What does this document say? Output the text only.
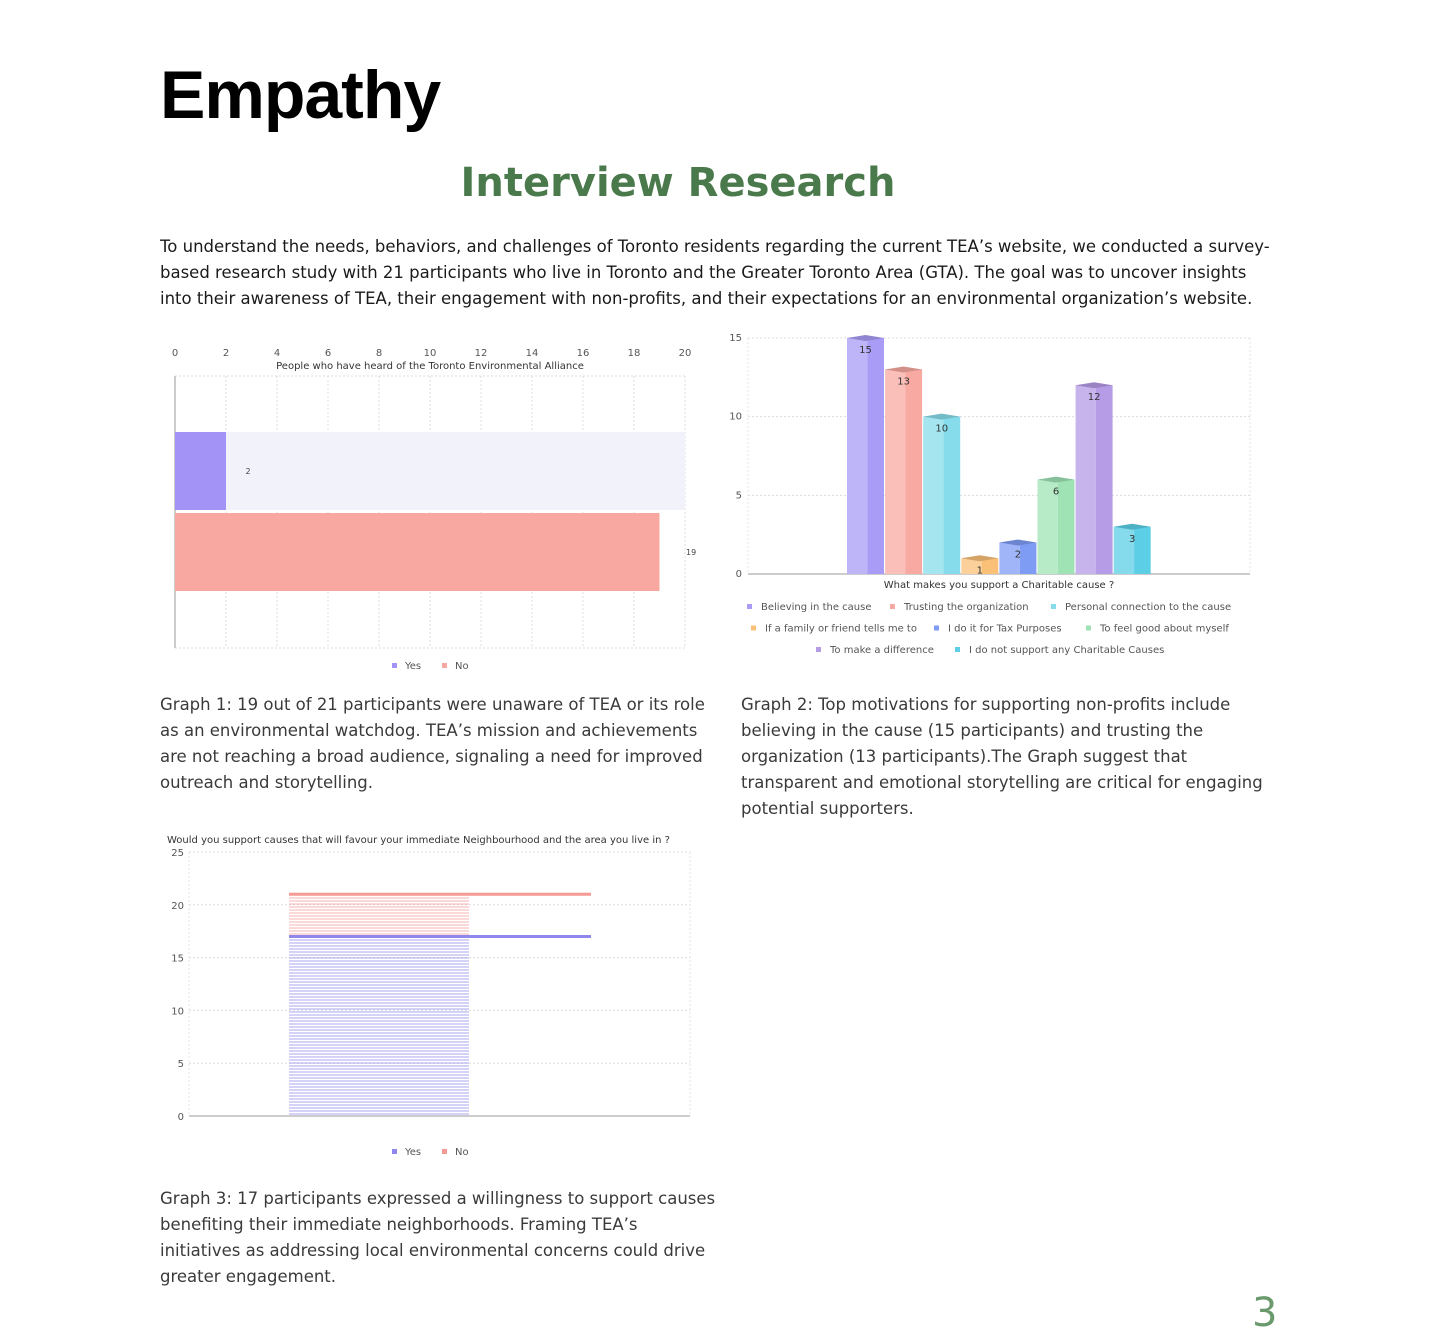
Empathy
Interview Research

To understand the needs, behaviors, and challenges of Toronto residents regarding the current TEA’s website, we conducted a survey-based research study with 21 participants who live in Toronto and the Greater Toronto Area (GTA). The goal was to uncover insights into their awareness of TEA, their engagement with non-profits, and their expectations for an environmental organization’s website.

0	2	4	6	8	10	12	14	16	18	20
People who have heard of the Toronto Environmental Alliance
2
19
Yes	No
0
5
10
15
15
13
10
1
2
6
12
3
What makes you support a Charitable cause ?
Believing in the cause	Trusting the organization	Personal connection to the cause
If a family or friend tells me to	I do it for Tax Purposes	To feel good about myself
To make a difference	I do not support any Charitable Causes
Would you support causes that will favour your immediate Neighbourhood and the area you live in ?
0
5
10
15
20
25
Yes	No

Graph 1: 19 out of 21 participants were unaware of TEA or its role as an environmental watchdog. TEA’s mission and achievements are not reaching a broad audience, signaling a need for improved outreach and storytelling.

Graph 2: Top motivations for supporting non-profits include believing in the cause (15 participants) and trusting the organization (13 participants).The Graph suggest that transparent and emotional storytelling are critical for engaging potential supporters.

Graph 3: 17 participants expressed a willingness to support causes benefiting their immediate neighborhoods. Framing TEA’s initiatives as addressing local environmental concerns could drive greater engagement.

3
